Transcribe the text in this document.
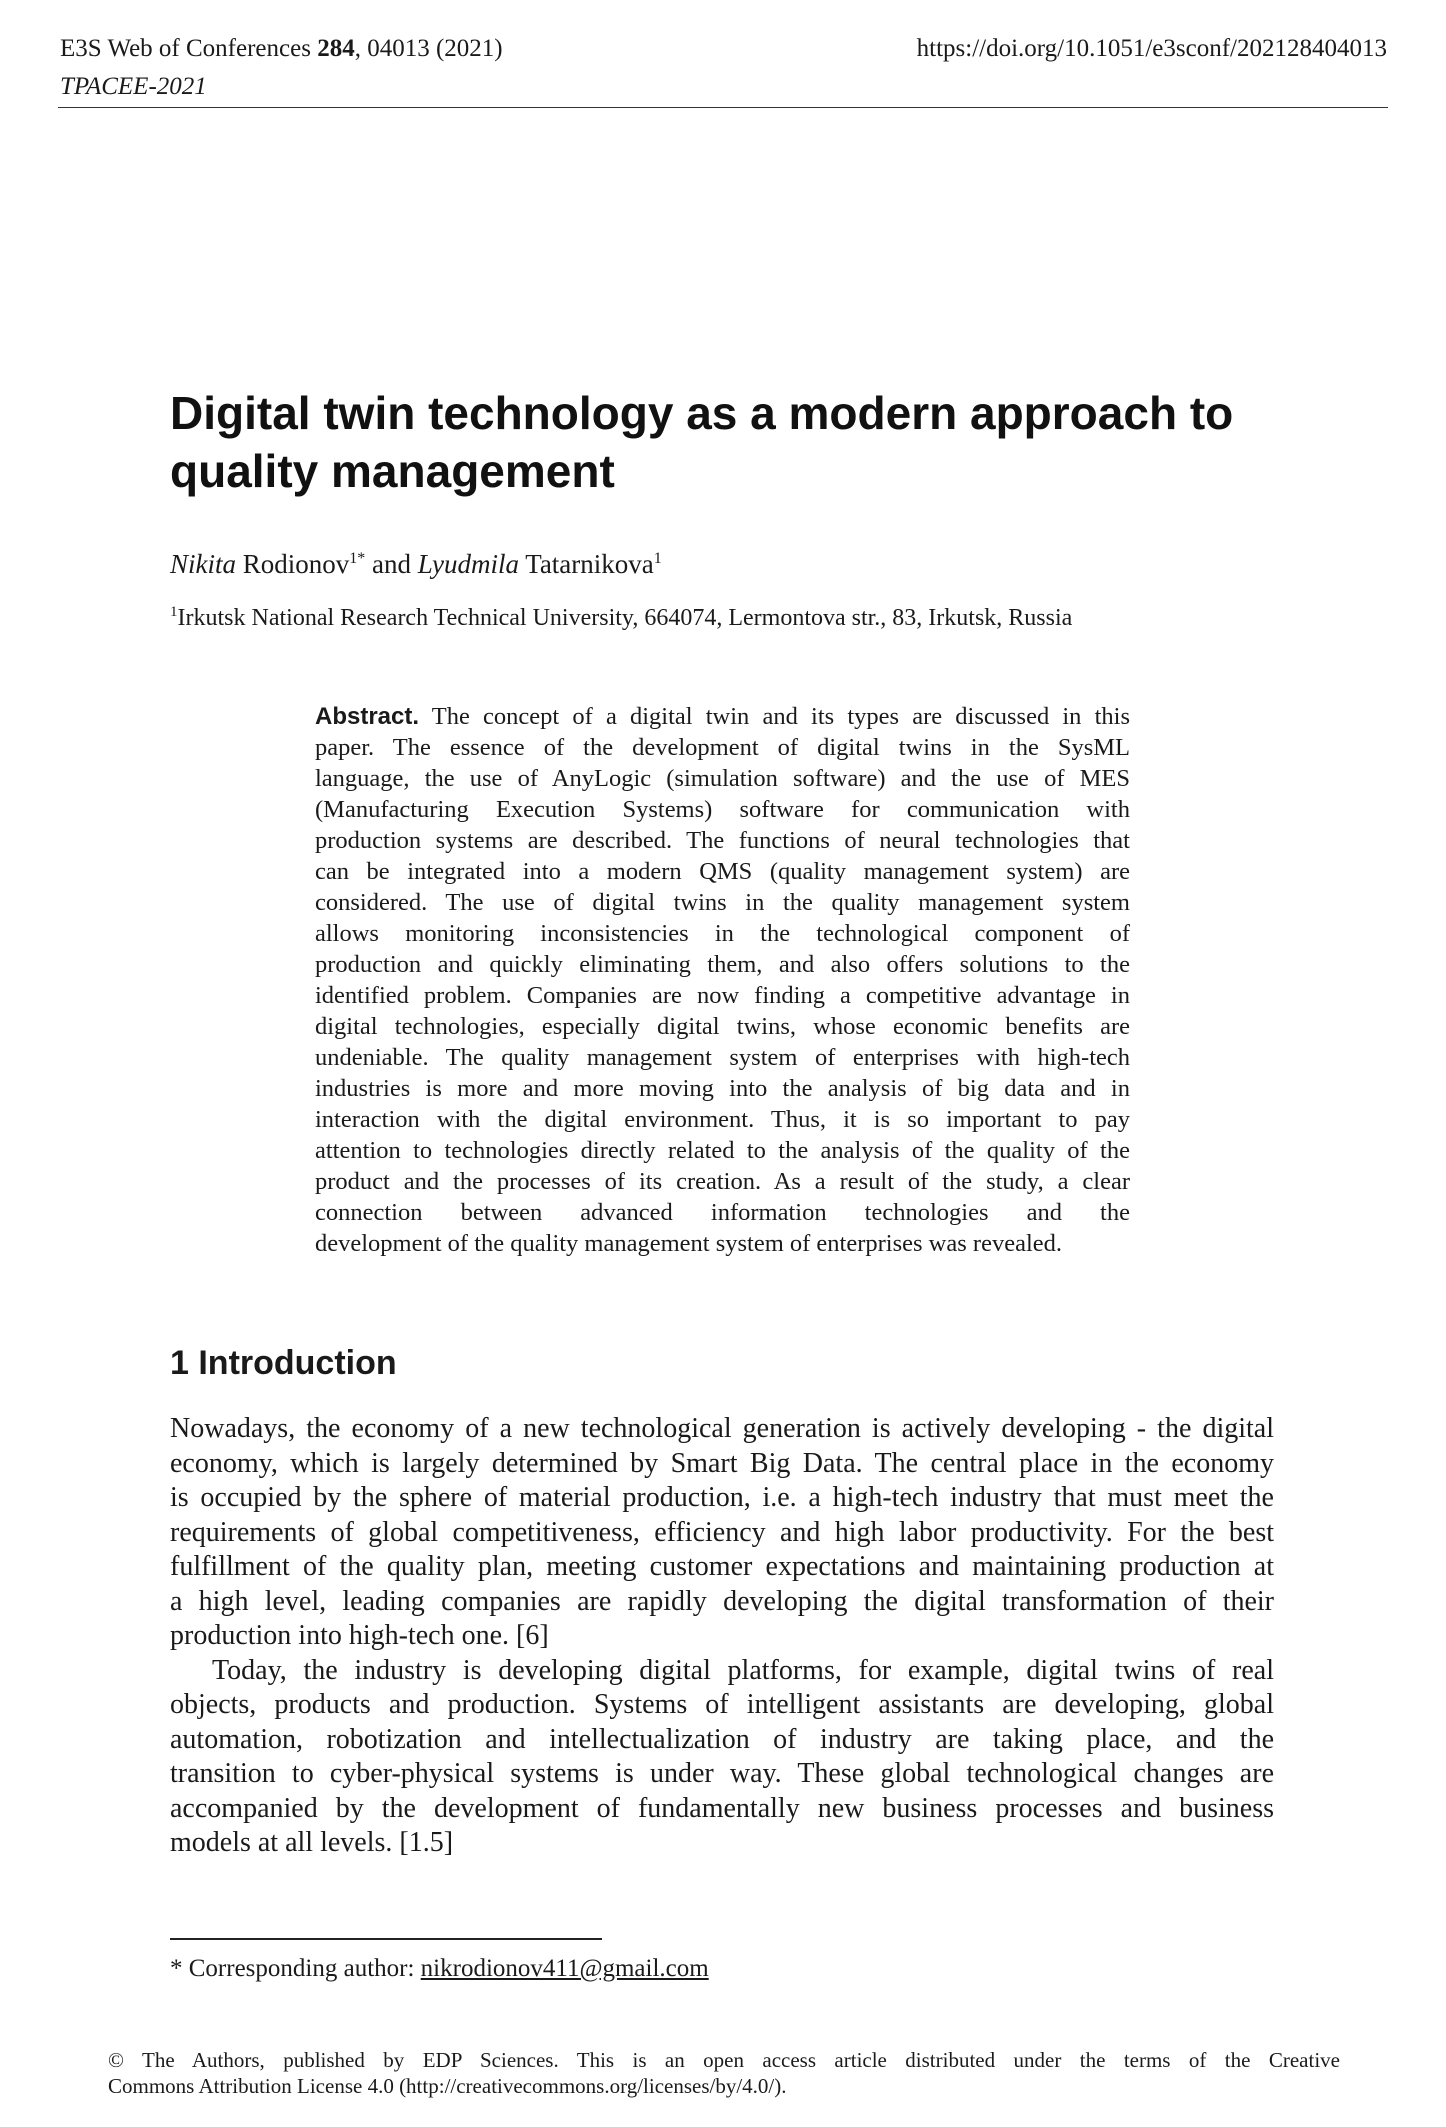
E3S Web of Conferences 284, 04013 (2021)
TPACEE-2021
https://doi.org/10.1051/e3sconf/202128404013
Digital twin technology as a modern approach to quality management
Nikita Rodionov$^{1*}$ and Lyudmila Tatarnikova$^1$
$^1$Irkutsk National Research Technical University, 664074, Lermontova str., 83, Irkutsk, Russia
Abstract. The concept of a digital twin and its types are discussed in this
paper. The essence of the development of digital twins in the SysML
language, the use of AnyLogic (simulation software) and the use of MES
(Manufacturing Execution Systems) software for communication with
production systems are described. The functions of neural technologies that
can be integrated into a modern QMS (quality management system) are
considered. The use of digital twins in the quality management system
allows monitoring inconsistencies in the technological component of
production and quickly eliminating them, and also offers solutions to the
identified problem. Companies are now finding a competitive advantage in
digital technologies, especially digital twins, whose economic benefits are
undeniable. The quality management system of enterprises with high-tech
industries is more and more moving into the analysis of big data and in
interaction with the digital environment. Thus, it is so important to pay
attention to technologies directly related to the analysis of the quality of the
product and the processes of its creation. As a result of the study, a clear
connection between advanced information technologies and the
development of the quality management system of enterprises was revealed.
1 Introduction
Nowadays, the economy of a new technological generation is actively developing - the digital
economy, which is largely determined by Smart Big Data. The central place in the economy
is occupied by the sphere of material production, i.e. a high-tech industry that must meet the
requirements of global competitiveness, efficiency and high labor productivity. For the best
fulfillment of the quality plan, meeting customer expectations and maintaining production at
a high level, leading companies are rapidly developing the digital transformation of their
production into high-tech one. [6]
Today, the industry is developing digital platforms, for example, digital twins of real
objects, products and production. Systems of intelligent assistants are developing, global
automation, robotization and intellectualization of industry are taking place, and the
transition to cyber-physical systems is under way. These global technological changes are
accompanied by the development of fundamentally new business processes and business
models at all levels. [1.5]
* Corresponding author: nikrodionov411@gmail.com
© The Authors, published by EDP Sciences. This is an open access article distributed under the terms of the Creative
Commons Attribution License 4.0 (http://creativecommons.org/licenses/by/4.0/).
